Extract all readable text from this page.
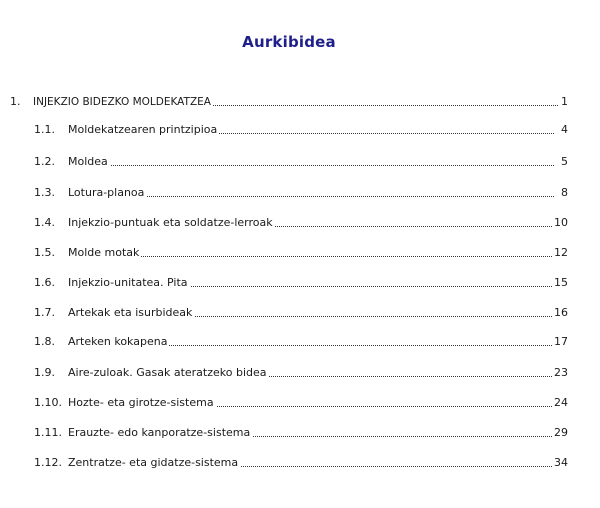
Aurkibidea
1. INJEKZIO BIDEZKO MOLDEKATZEA	1
1.1. Moldekatzearen printzipioa	4
1.2. Moldea	5
1.3. Lotura-planoa	8
1.4. Injekzio-puntuak eta soldatze-lerroak	10
1.5. Molde motak	12
1.6. Injekzio-unitatea. Pita	15
1.7. Artekak eta isurbideak	16
1.8. Arteken kokapena	17
1.9. Aire-zuloak. Gasak ateratzeko bidea	23
1.10. Hozte- eta girotze-sistema	24
1.11. Erauzte- edo kanporatze-sistema	29
1.12. Zentratze- eta gidatze-sistema	34
